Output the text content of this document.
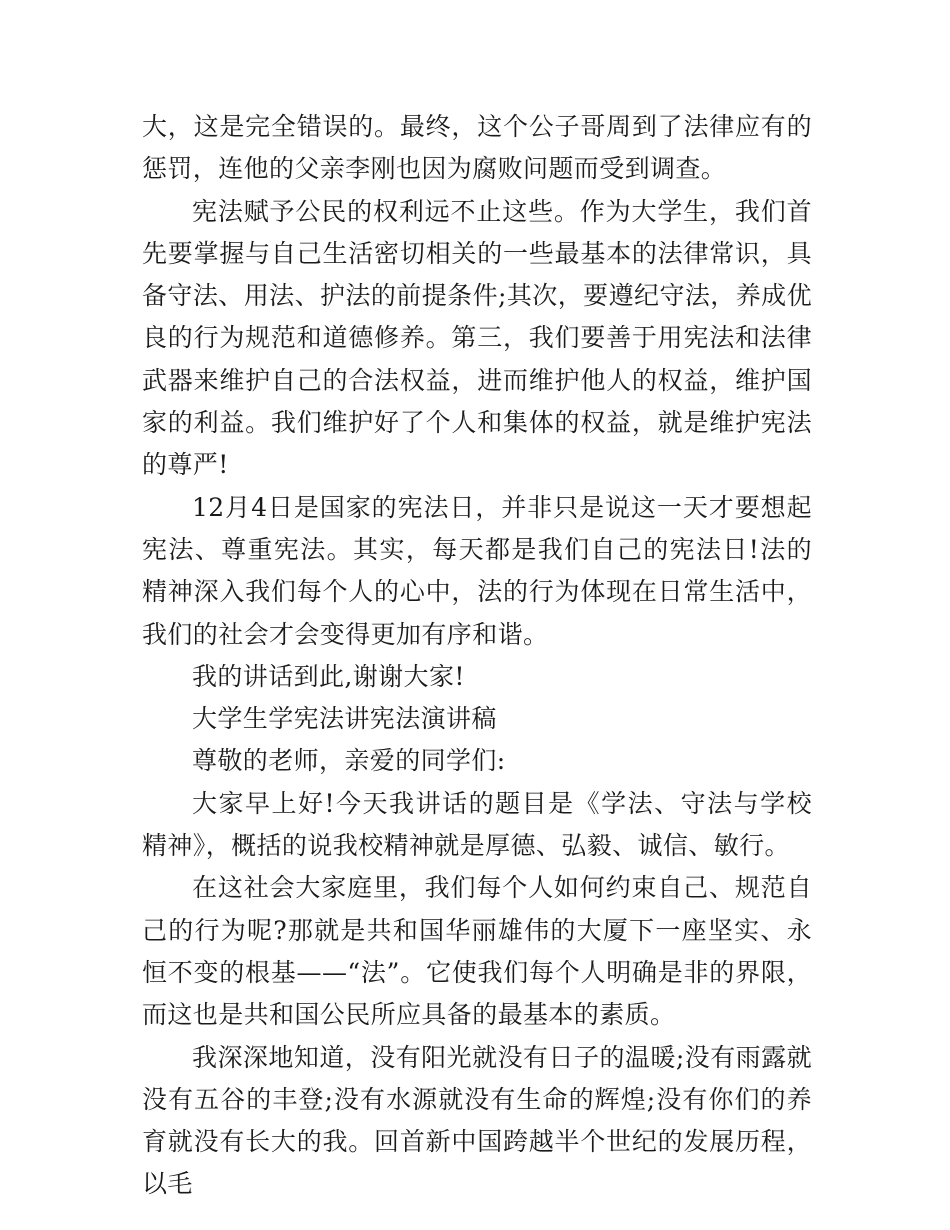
大，这是完全错误的。最终，这个公子哥周到了法律应有的惩罚，连他的父亲李刚也因为腐败问题而受到调查。

宪法赋予公民的权利远不止这些。作为大学生，我们首先要掌握与自己生活密切相关的一些最基本的法律常识，具备守法、用法、护法的前提条件;其次，要遵纪守法，养成优良的行为规范和道德修养。第三，我们要善于用宪法和法律武器来维护自己的合法权益，进而维护他人的权益，维护国家的利益。我们维护好了个人和集体的权益，就是维护宪法的尊严!

12月4日是国家的宪法日，并非只是说这一天才要想起宪法、尊重宪法。其实，每天都是我们自己的宪法日!法的精神深入我们每个人的心中，法的行为体现在日常生活中，我们的社会才会变得更加有序和谐。

我的讲话到此,谢谢大家!

大学生学宪法讲宪法演讲稿

尊敬的老师，亲爱的同学们:

大家早上好!今天我讲话的题目是《学法、守法与学校精神》，概括的说我校精神就是厚德、弘毅、诚信、敏行。

在这社会大家庭里，我们每个人如何约束自己、规范自己的行为呢?那就是共和国华丽雄伟的大厦下一座坚实、永恒不变的根基——“法”。它使我们每个人明确是非的界限，而这也是共和国公民所应具备的最基本的素质。

我深深地知道，没有阳光就没有日子的温暖;没有雨露就没有五谷的丰登;没有水源就没有生命的辉煌;没有你们的养育就没有长大的我。回首新中国跨越半个世纪的发展历程，以毛
